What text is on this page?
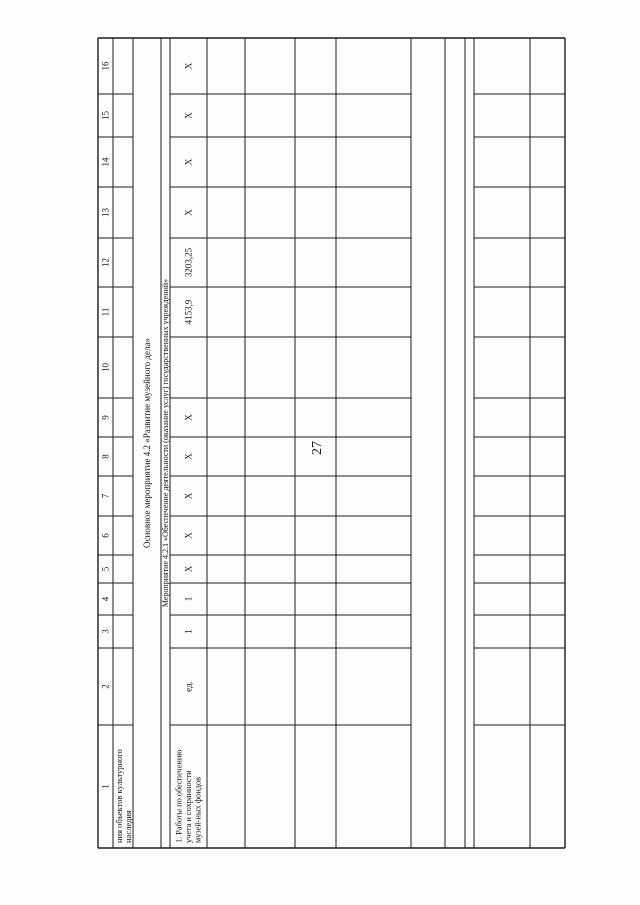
27
1
2
3
4
5
6
7
8
9
10
11
12
13
14
15
16
ния объектов культурного наследия
Основное мероприятие 4.2 «Развитие музейного дела» Мероприятие 4.2.1 «Обеспечение деятельности (оказание услуг) государственных учреждений»
1. Работы по обеспечению учета и сохранности музей-ных фондов
ед.
1
1
X
X
X
X
X
4153,9
3203,25
X
X
X
X
